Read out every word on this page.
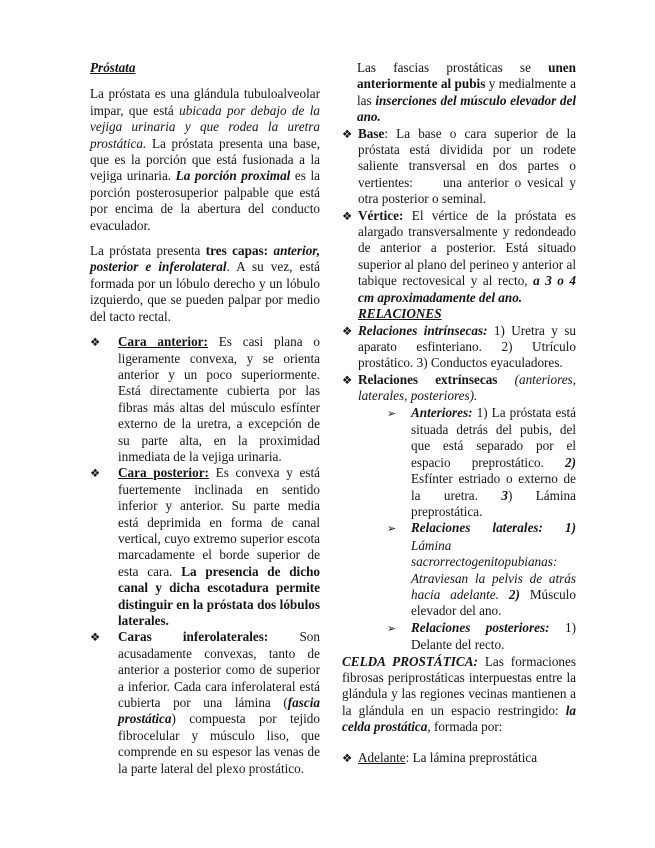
Próstata

La próstata es una glándula tubuloalveolar impar, que está ubicada por debajo de la vejiga urinaria y que rodea la uretra prostática. La próstata presenta una base, que es la porción que está fusionada a la vejiga urinaria. La porción proximal es la porción posterosuperior palpable que está por encima de la abertura del conducto evaculador.

La próstata presenta tres capas: anterior, posterior e inferolateral. A su vez, está formada por un lóbulo derecho y un lóbulo izquierdo, que se pueden palpar por medio del tacto rectal.

❖ Cara anterior: Es casi plana o ligeramente convexa, y se orienta anterior y un poco superiormente. Está directamente cubierta por las fibras más altas del músculo esfínter externo de la uretra, a excepción de su parte alta, en la proximidad inmediata de la vejiga urinaria.
❖ Cara posterior: Es convexa y está fuertemente inclinada en sentido inferior y anterior. Su parte media está deprimida en forma de canal vertical, cuyo extremo superior escota marcadamente el borde superior de esta cara. La presencia de dicho canal y dicha escotadura permite distinguir en la próstata dos lóbulos laterales.
❖ Caras inferolaterales: Son acusadamente convexas, tanto de anterior a posterior como de superior a inferior. Cada cara inferolateral está cubierta por una lámina (fascia prostática) compuesta por tejido fibrocelular y músculo liso, que comprende en su espesor las venas de la parte lateral del plexo prostático.

Las fascias prostáticas se unen anteriormente al pubis y medialmente a las inserciones del músculo elevador del ano.

❖ Base: La base o cara superior de la próstata está dividida por un rodete saliente transversal en dos partes o vertientes: una anterior o vesical y otra posterior o seminal.
❖ Vértice: El vértice de la próstata es alargado transversalmente y redondeado de anterior a posterior. Está situado superior al plano del perineo y anterior al tabique rectovesical y al recto, a 3 o 4 cm aproximadamente del ano.

RELACIONES

❖ Relaciones intrínsecas: 1) Uretra y su aparato esfinteriano. 2) Utrículo prostático. 3) Conductos eyaculadores.
❖ Relaciones extrínsecas (anteriores, laterales, posteriores).
➢ Anteriores: 1) La próstata está situada detrás del pubis, del que está separado por el espacio preprostático. 2) Esfínter estriado o externo de la uretra. 3) Lámina preprostática.
➢ Relaciones laterales: 1) Lámina sacrorrectogenitopubianas: Atraviesan la pelvis de atrás hacia adelante. 2) Músculo elevador del ano.
➢ Relaciones posteriores: 1) Delante del recto.

CELDA PROSTÁTICA: Las formaciones fibrosas periprostáticas interpuestas entre la glándula y las regiones vecinas mantienen a la glándula en un espacio restringido: la celda prostática, formada por:

❖ Adelante: La lámina preprostática
